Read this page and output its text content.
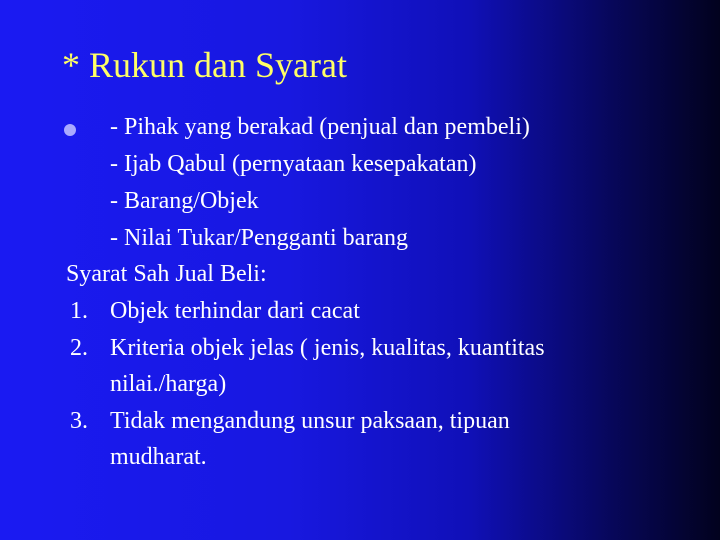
* Rukun dan Syarat
- Pihak yang berakad (penjual dan pembeli)
- Ijab Qabul (pernyataan kesepakatan)
- Barang/Objek
- Nilai Tukar/Pengganti barang
Syarat Sah Jual Beli:
1. Objek terhindar dari cacat
2. Kriteria objek jelas ( jenis, kualitas, kuantitas
nilai./harga)
3. Tidak mengandung unsur paksaan, tipuan
mudharat.
